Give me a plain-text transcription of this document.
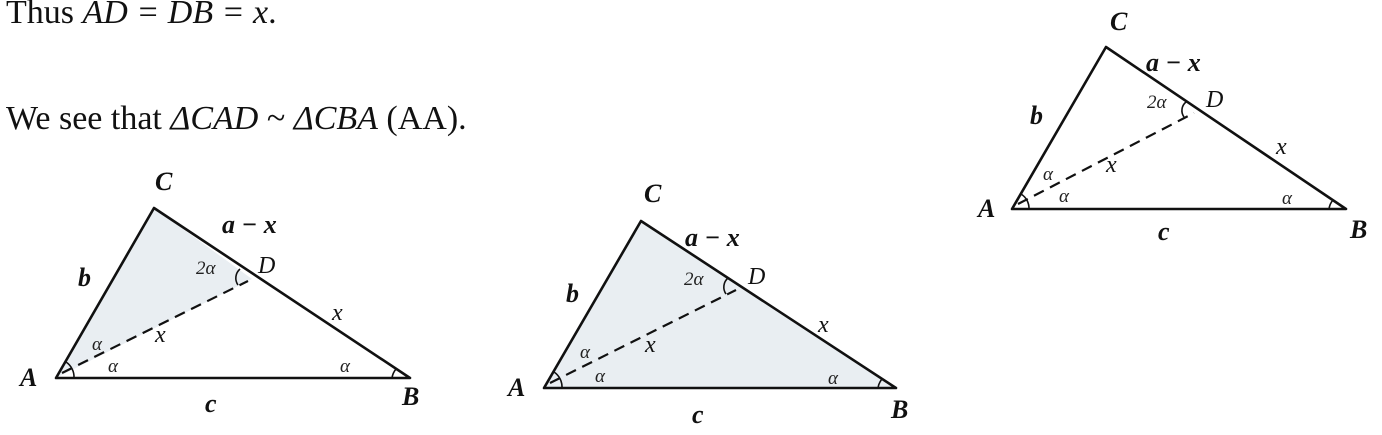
Thus AD = DB = x.
We see that ΔCAD ~ ΔCBA (AA).
C
A
B
D
b
c
a − x
x
x
2α
α
α	α
C
A
B
D
b
c
a − x
x
x
2α
α
α	α
C
A
B
D
b
c
a − x
x
x
2α
α
α	α
